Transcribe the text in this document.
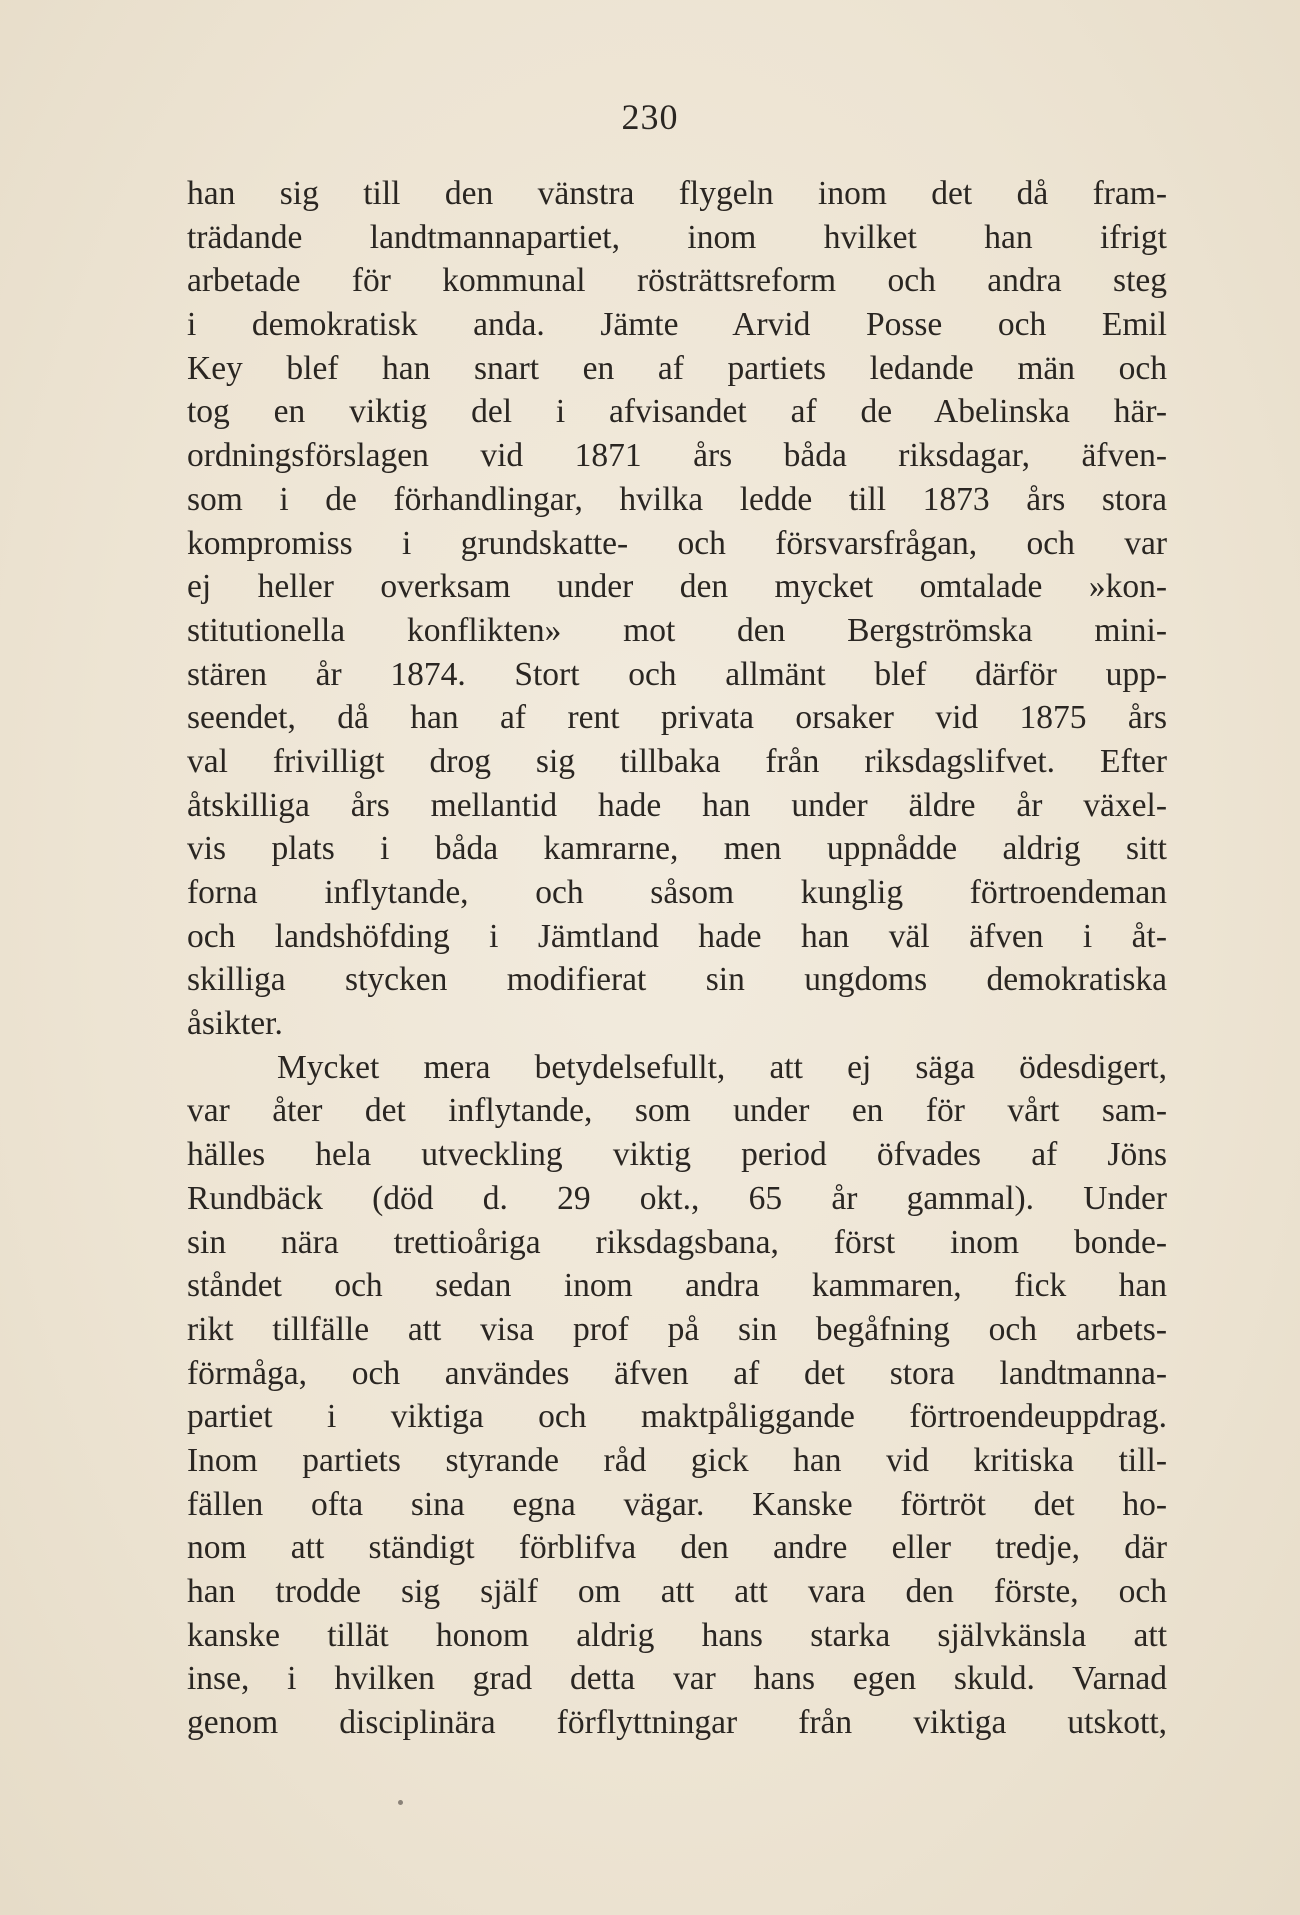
230
han sig till den vänstra flygeln inom det då fram-
trädande landtmannapartiet, inom hvilket han ifrigt
arbetade för kommunal rösträttsreform och andra steg
i demokratisk anda. Jämte Arvid Posse och Emil
Key blef han snart en af partiets ledande män och
tog en viktig del i afvisandet af de Abelinska här-
ordningsförslagen vid 1871 års båda riksdagar, äfven-
som i de förhandlingar, hvilka ledde till 1873 års stora
kompromiss i grundskatte- och försvarsfrågan, och var
ej heller overksam under den mycket omtalade »kon-
stitutionella konflikten» mot den Bergströmska mini-
stären år 1874. Stort och allmänt blef därför upp-
seendet, då han af rent privata orsaker vid 1875 års
val frivilligt drog sig tillbaka från riksdagslifvet. Efter
åtskilliga års mellantid hade han under äldre år växel-
vis plats i båda kamrarne, men uppnådde aldrig sitt
forna inflytande, och såsom kunglig förtroendeman
och landshöfding i Jämtland hade han väl äfven i åt-
skilliga stycken modifierat sin ungdoms demokratiska
åsikter.
Mycket mera betydelsefullt, att ej säga ödesdigert,
var åter det inflytande, som under en för vårt sam-
hälles hela utveckling viktig period öfvades af Jöns
Rundbäck (död d. 29 okt., 65 år gammal). Under
sin nära trettioåriga riksdagsbana, först inom bonde-
ståndet och sedan inom andra kammaren, fick han
rikt tillfälle att visa prof på sin begåfning och arbets-
förmåga, och användes äfven af det stora landtmanna-
partiet i viktiga och maktpåliggande förtroendeuppdrag.
Inom partiets styrande råd gick han vid kritiska till-
fällen ofta sina egna vägar. Kanske förtröt det ho-
nom att ständigt förblifva den andre eller tredje, där
han trodde sig själf om att att vara den förste, och
kanske tillät honom aldrig hans starka självkänsla att
inse, i hvilken grad detta var hans egen skuld. Varnad
genom disciplinära förflyttningar från viktiga utskott,
